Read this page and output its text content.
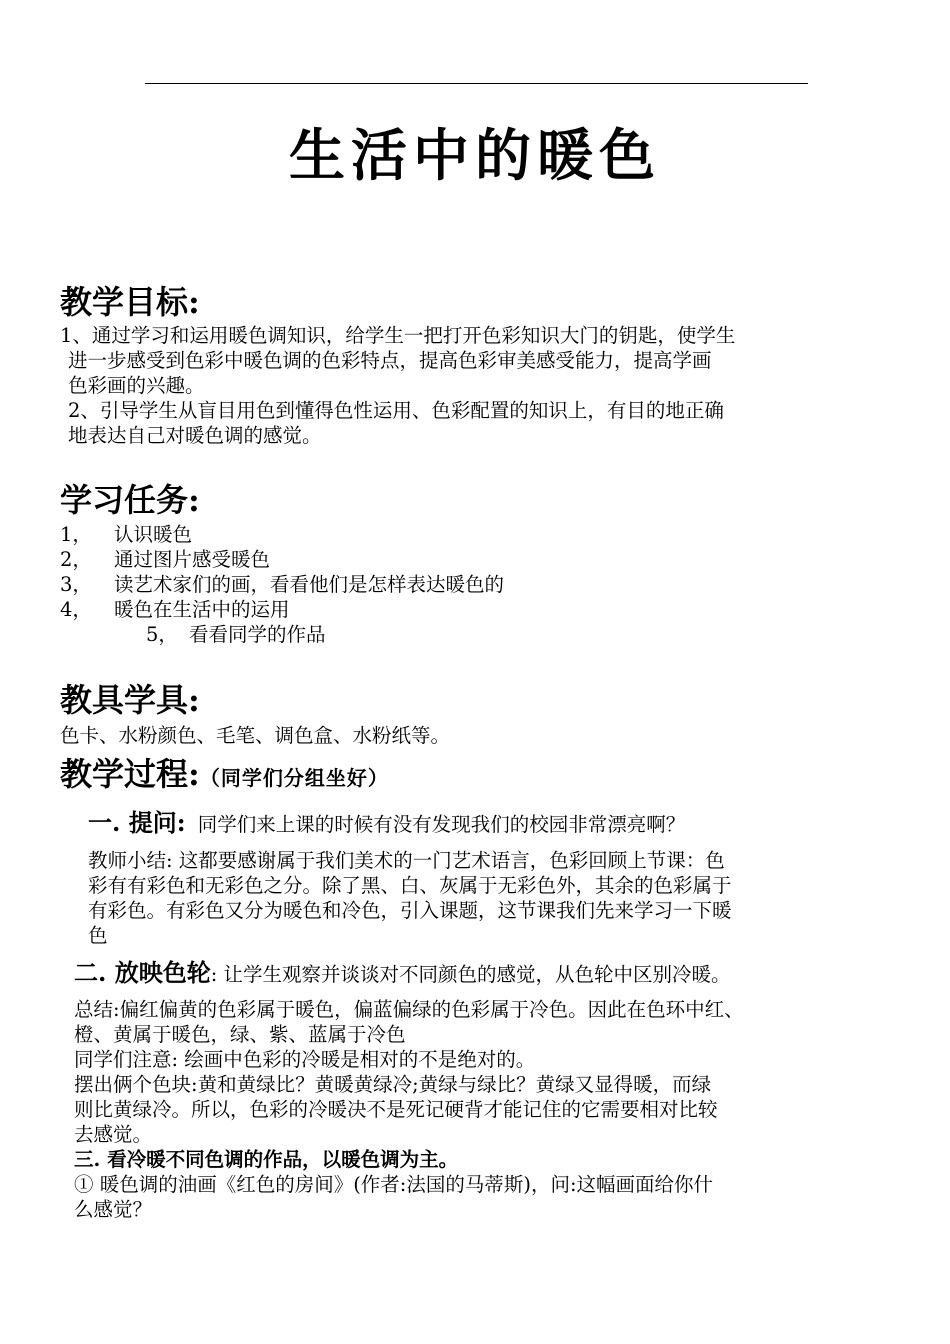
生活中的暖色
教学目标:
1、通过学习和运用暖色调知识，给学生一把打开色彩知识大门的钥匙，使学生
进一步感受到色彩中暖色调的色彩特点，提高色彩审美感受能力，提高学画
色彩画的兴趣。
2、引导学生从盲目用色到懂得色性运用、色彩配置的知识上，有目的地正确
地表达自己对暖色调的感觉。
学习任务:
1， 认识暖色
2， 通过图片感受暖色
3， 读艺术家们的画，看看他们是怎样表达暖色的
4， 暖色在生活中的运用
5， 看看同学的作品
教具学具:
色卡、水粉颜色、毛笔、调色盒、水粉纸等。
教学过程:（同学们分组坐好）
一. 提问: 同学们来上课的时候有没有发现我们的校园非常漂亮啊？
教师小结: 这都要感谢属于我们美术的一门艺术语言，色彩回顾上节课：色
彩有有彩色和无彩色之分。除了黑、白、灰属于无彩色外，其余的色彩属于
有彩色。有彩色又分为暖色和冷色，引入课题，这节课我们先来学习一下暖
色
二. 放映色轮: 让学生观察并谈谈对不同颜色的感觉，从色轮中区别冷暖。
总结:偏红偏黄的色彩属于暖色，偏蓝偏绿的色彩属于冷色。因此在色环中红、
橙、黄属于暖色，绿、紫、蓝属于冷色
同学们注意: 绘画中色彩的冷暖是相对的不是绝对的。
摆出俩个色块:黄和黄绿比？黄暖黄绿冷;黄绿与绿比？黄绿又显得暖，而绿
则比黄绿冷。所以，色彩的冷暖决不是死记硬背才能记住的它需要相对比较
去感觉。
三. 看冷暖不同色调的作品，以暖色调为主。
① 暖色调的油画《红色的房间》(作者:法国的马蒂斯)，问:这幅画面给你什
么感觉？
